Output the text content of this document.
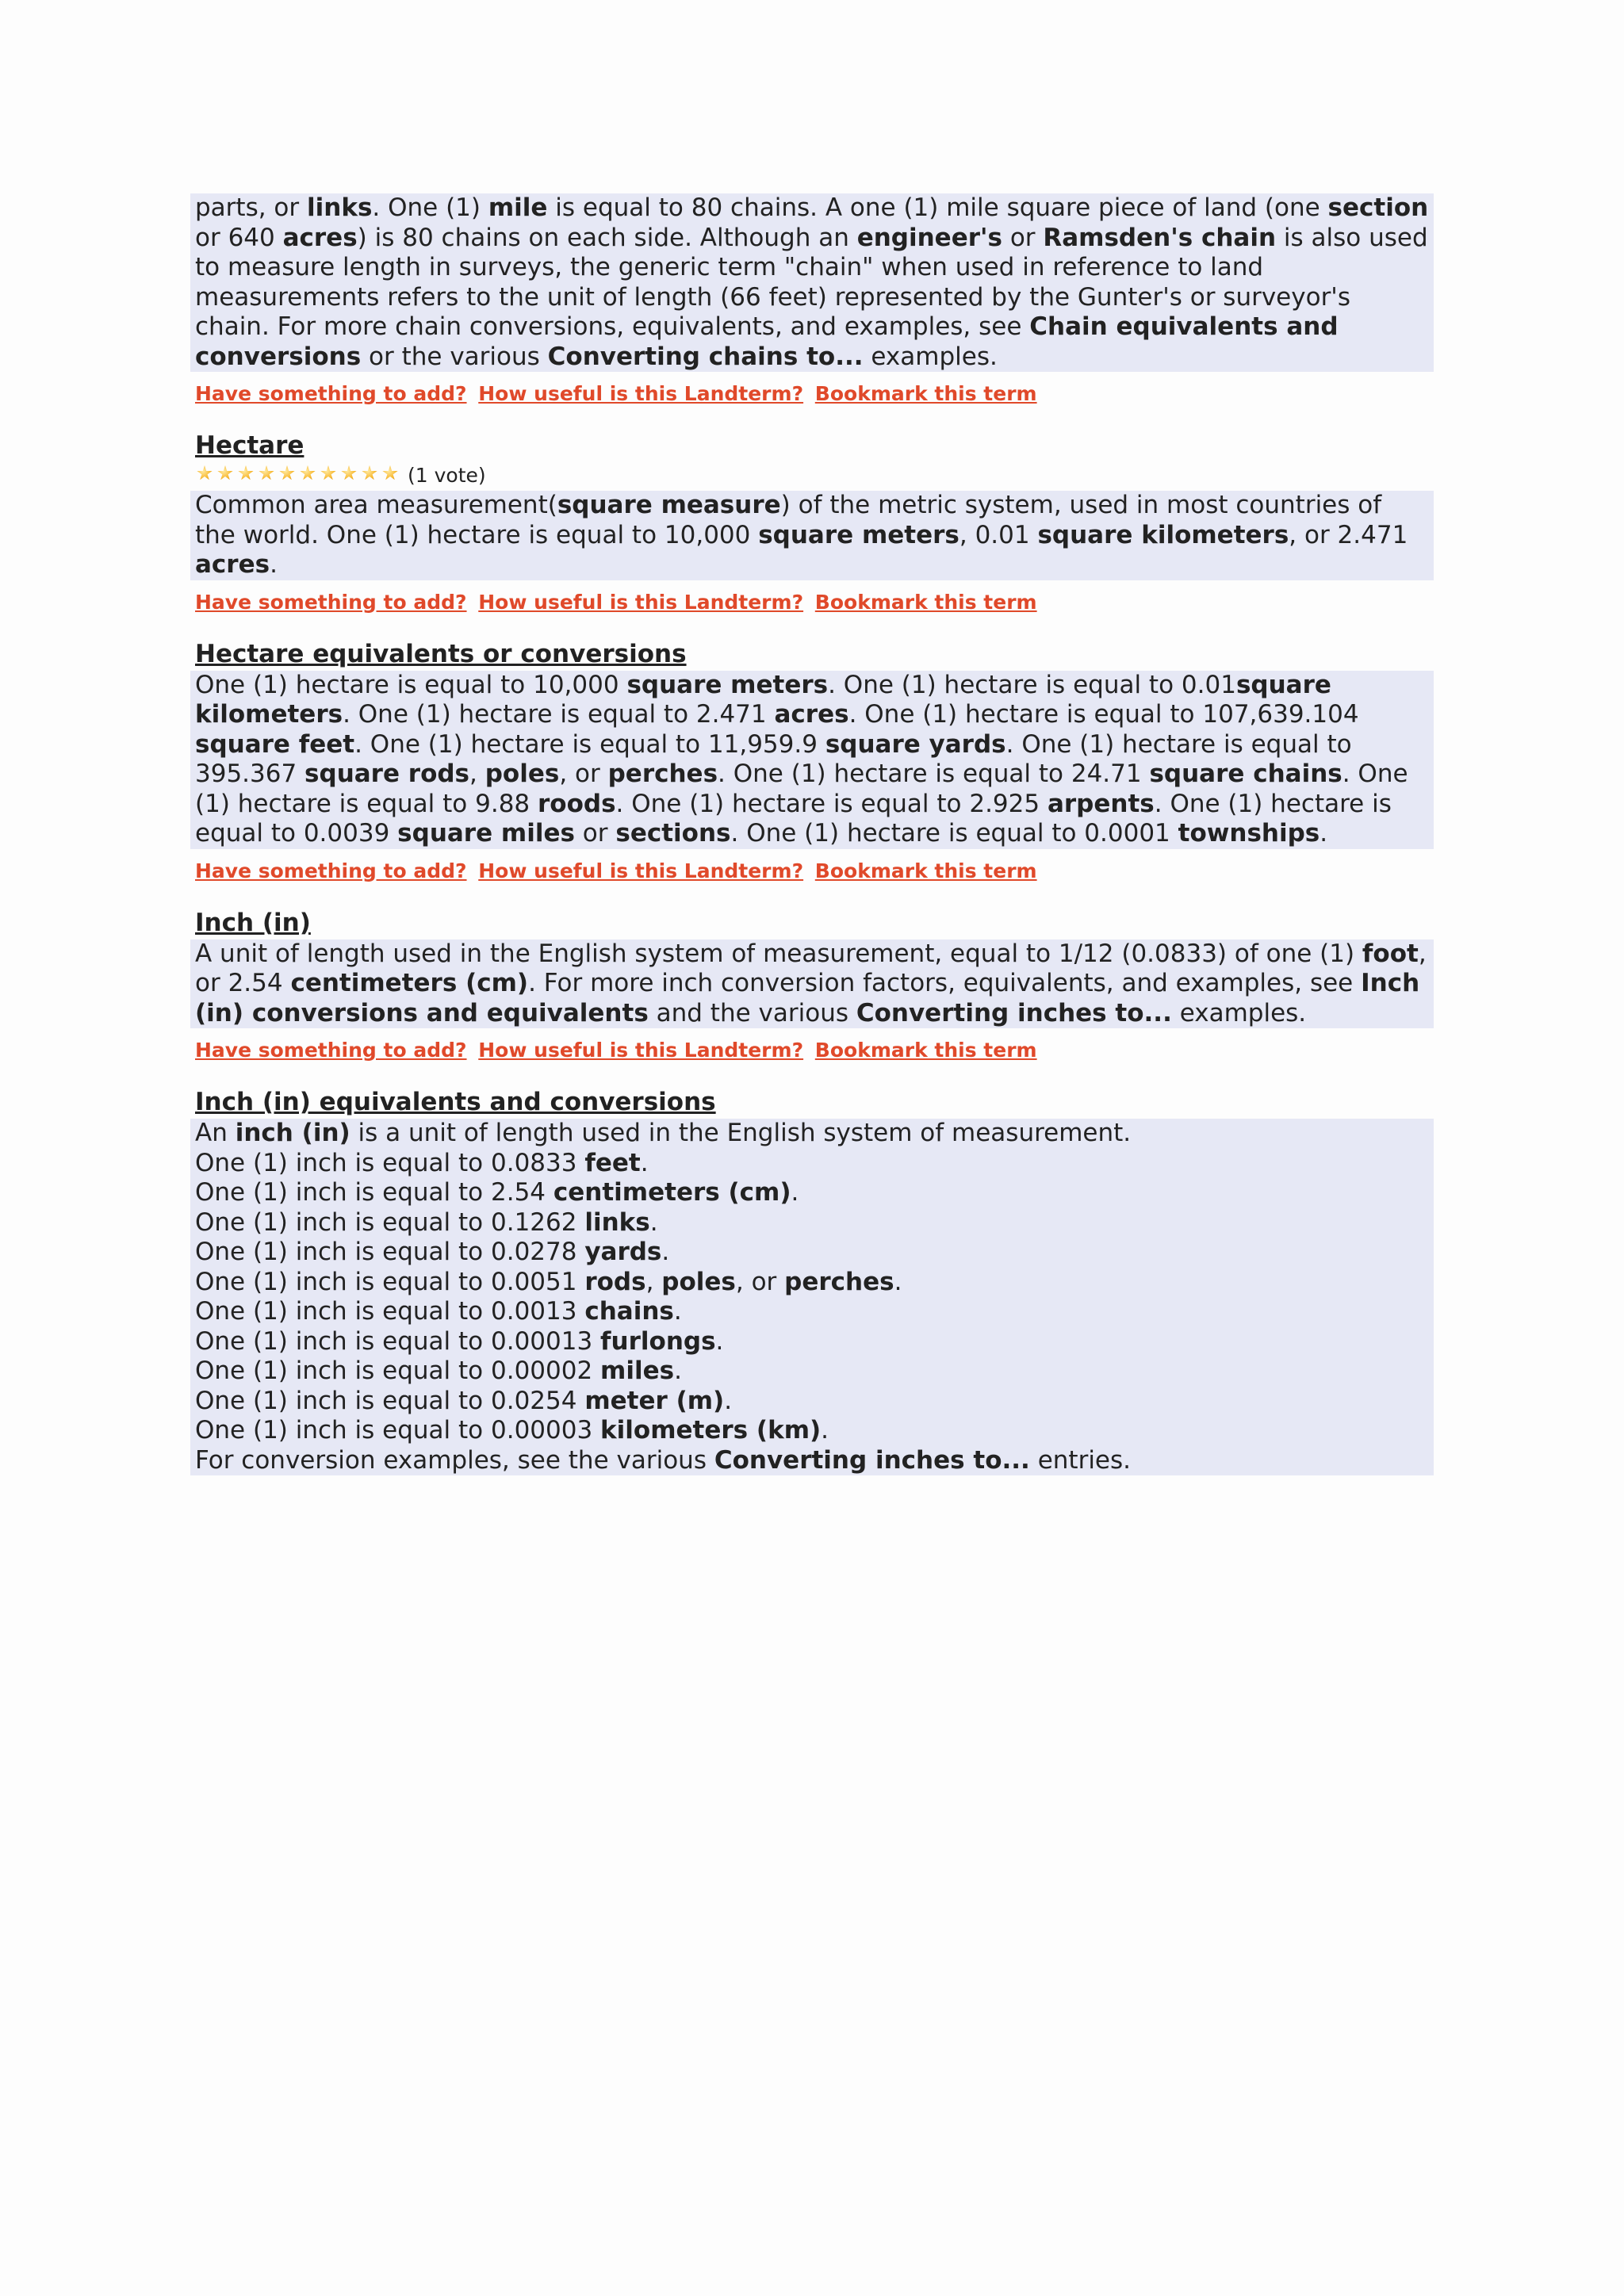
parts, or links. One (1) mile is equal to 80 chains. A one (1) mile square piece of land (one section or 640 acres) is 80 chains on each side. Although an engineer's or Ramsden's chain is also used to measure length in surveys, the generic term "chain" when used in reference to land measurements refers to the unit of length (66 feet) represented by the Gunter's or surveyor's chain. For more chain conversions, equivalents, and examples, see Chain equivalents and conversions or the various Converting chains to... examples.
Have something to add? How useful is this Landterm? Bookmark this term
Hectare
(1 vote)
Common area measurement(square measure) of the metric system, used in most countries of the world. One (1) hectare is equal to 10,000 square meters, 0.01 square kilometers, or 2.471 acres.
Have something to add? How useful is this Landterm? Bookmark this term
Hectare equivalents or conversions
One (1) hectare is equal to 10,000 square meters. One (1) hectare is equal to 0.01square kilometers. One (1) hectare is equal to 2.471 acres. One (1) hectare is equal to 107,639.104 square feet. One (1) hectare is equal to 11,959.9 square yards. One (1) hectare is equal to 395.367 square rods, poles, or perches. One (1) hectare is equal to 24.71 square chains. One (1) hectare is equal to 9.88 roods. One (1) hectare is equal to 2.925 arpents. One (1) hectare is equal to 0.0039 square miles or sections. One (1) hectare is equal to 0.0001 townships.
Have something to add? How useful is this Landterm? Bookmark this term
Inch (in)
A unit of length used in the English system of measurement, equal to 1/12 (0.0833) of one (1) foot, or 2.54 centimeters (cm). For more inch conversion factors, equivalents, and examples, see Inch (in) conversions and equivalents and the various Converting inches to... examples.
Have something to add? How useful is this Landterm? Bookmark this term
Inch (in) equivalents and conversions
An inch (in) is a unit of length used in the English system of measurement.
One (1) inch is equal to 0.0833 feet.
One (1) inch is equal to 2.54 centimeters (cm).
One (1) inch is equal to 0.1262 links.
One (1) inch is equal to 0.0278 yards.
One (1) inch is equal to 0.0051 rods, poles, or perches.
One (1) inch is equal to 0.0013 chains.
One (1) inch is equal to 0.00013 furlongs.
One (1) inch is equal to 0.00002 miles.
One (1) inch is equal to 0.0254 meter (m).
One (1) inch is equal to 0.00003 kilometers (km).
For conversion examples, see the various Converting inches to... entries.
